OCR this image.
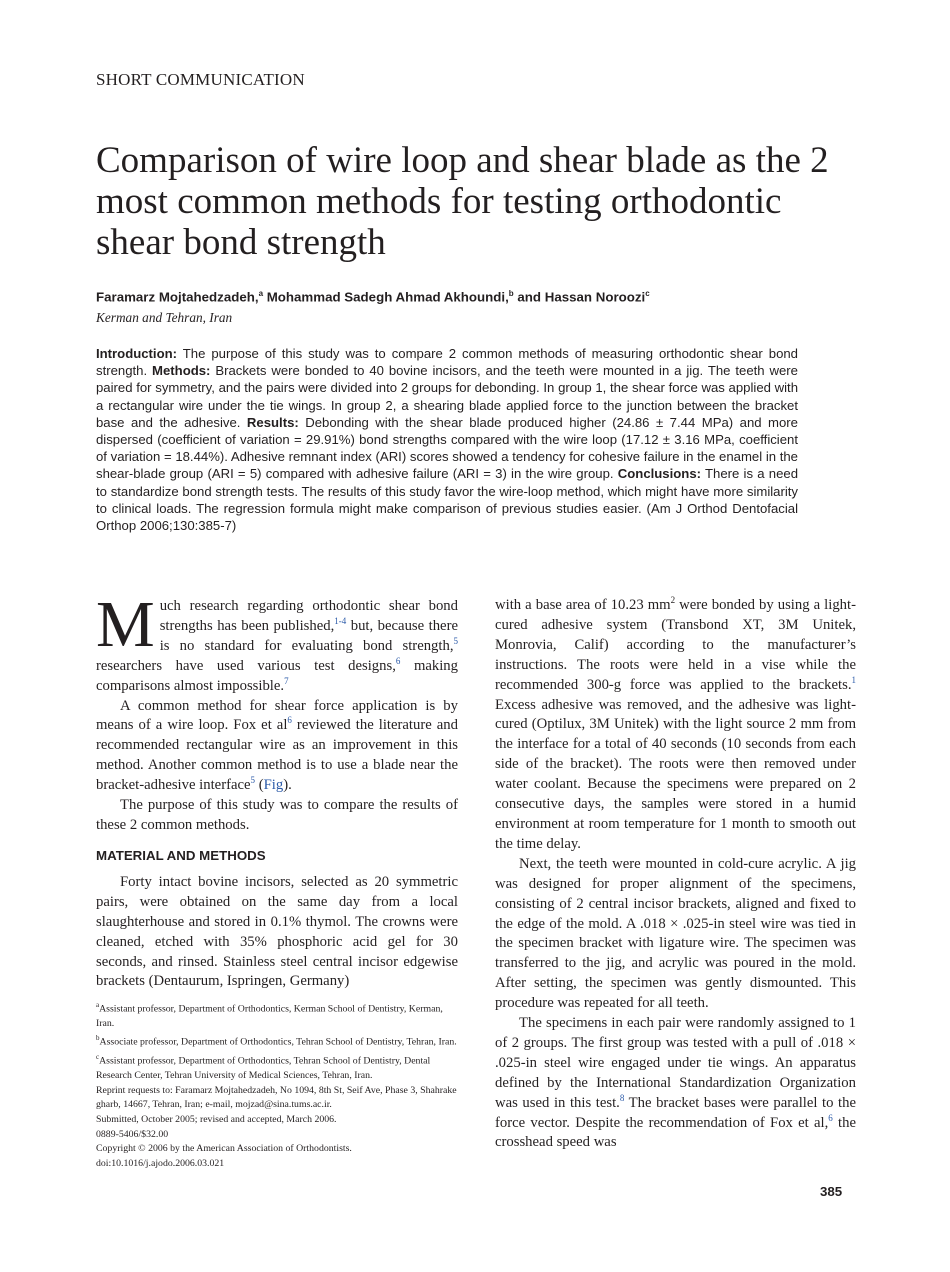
SHORT COMMUNICATION
Comparison of wire loop and shear blade as the 2 most common methods for testing orthodontic shear bond strength
Faramarz Mojtahedzadeh,$^a$ Mohammad Sadegh Ahmad Akhoundi,$^b$ and Hassan Noroozi$^c$
Kerman and Tehran, Iran

Introduction: The purpose of this study was to compare 2 common methods of measuring orthodontic shear bond strength. Methods: Brackets were bonded to 40 bovine incisors, and the teeth were mounted in a jig. The teeth were paired for symmetry, and the pairs were divided into 2 groups for debonding. In group 1, the shear force was applied with a rectangular wire under the tie wings. In group 2, a shearing blade applied force to the junction between the bracket base and the adhesive. Results: Debonding with the shear blade produced higher (24.86 ± 7.44 MPa) and more dispersed (coefficient of variation = 29.91%) bond strengths compared with the wire loop (17.12 ± 3.16 MPa, coefficient of variation = 18.44%). Adhesive remnant index (ARI) scores showed a tendency for cohesive failure in the enamel in the shear-blade group (ARI = 5) compared with adhesive failure (ARI = 3) in the wire group. Conclusions: There is a need to standardize bond strength tests. The results of this study favor the wire-loop method, which might have more similarity to clinical loads. The regression formula might make comparison of previous studies easier. (Am J Orthod Dentofacial Orthop 2006;130:385-7)

Much research regarding orthodontic shear bond strengths has been published,$^{1-4}$ but, because there is no standard for evaluating bond strength,$^5$ researchers have used various test designs,$^6$ making comparisons almost impossible.$^7$

A common method for shear force application is by means of a wire loop. Fox et al$^6$ reviewed the literature and recommended rectangular wire as an improvement in this method. Another common method is to use a blade near the bracket-adhesive interface$^5$ (Fig).

The purpose of this study was to compare the results of these 2 common methods.

MATERIAL AND METHODS

Forty intact bovine incisors, selected as 20 symmetric pairs, were obtained on the same day from a local slaughterhouse and stored in 0.1% thymol. The crowns were cleaned, etched with 35% phosphoric acid gel for 30 seconds, and rinsed. Stainless steel central incisor edgewise brackets (Dentaurum, Ispringen, Germany)

$^a$Assistant professor, Department of Orthodontics, Kerman School of Dentistry, Kerman, Iran.

$^b$Associate professor, Department of Orthodontics, Tehran School of Dentistry, Tehran, Iran.

$^c$Assistant professor, Department of Orthodontics, Tehran School of Dentistry, Dental Research Center, Tehran University of Medical Sciences, Tehran, Iran.

Reprint requests to: Faramarz Mojtahedzadeh, No 1094, 8th St, Seif Ave, Phase 3, Shahrake gharb, 14667, Tehran, Iran; e-mail, mojzad@sina.tums.ac.ir.

Submitted, October 2005; revised and accepted, March 2006.

0889-5406/$32.00

Copyright © 2006 by the American Association of Orthodontists.

doi:10.1016/j.ajodo.2006.03.021

with a base area of 10.23 $mm^2$ were bonded by using a light-cured adhesive system (Transbond XT, 3M Unitek, Monrovia, Calif) according to the manufacturer’s instructions. The roots were held in a vise while the recommended 300-g force was applied to the brackets.$^1$ Excess adhesive was removed, and the adhesive was light-cured (Optilux, 3M Unitek) with the light source 2 mm from the interface for a total of 40 seconds (10 seconds from each side of the bracket). The roots were then removed under water coolant. Because the specimens were prepared on 2 consecutive days, the samples were stored in a humid environment at room temperature for 1 month to smooth out the time delay.

Next, the teeth were mounted in cold-cure acrylic. A jig was designed for proper alignment of the specimens, consisting of 2 central incisor brackets, aligned and fixed to the edge of the mold. A .018 × .025-in steel wire was tied in the specimen bracket with ligature wire. The specimen was transferred to the jig, and acrylic was poured in the mold. After setting, the specimen was gently dismounted. This procedure was repeated for all teeth.

The specimens in each pair were randomly assigned to 1 of 2 groups. The first group was tested with a pull of .018 × .025-in steel wire engaged under tie wings. An apparatus defined by the International Standardization Organization was used in this test.$^8$ The bracket bases were parallel to the force vector. Despite the recommendation of Fox et al,$^6$ the crosshead speed was

385
